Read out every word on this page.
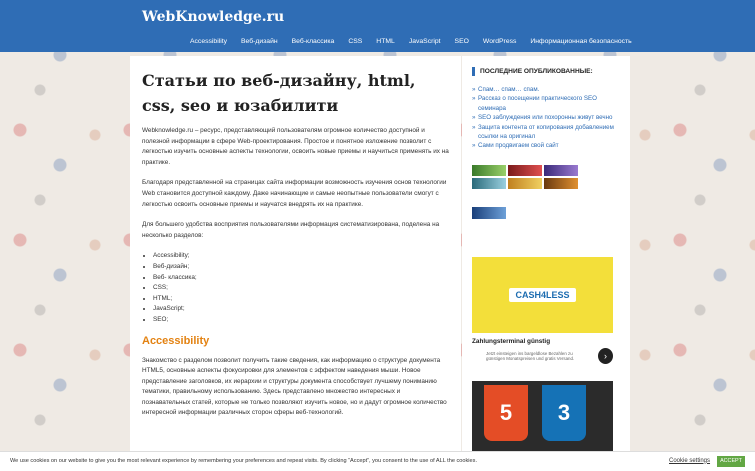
WebKnowledge.ru
Accessibility	Веб-дизайн	Веб-классика	CSS	HTML	JavaScript	SEO	WordPress	Информационная безопасность
Статьи по веб-дизайну, html, css, seo и юзабилити

Webknowledge.ru – ресурс, представляющий пользователям огромное количество доступной и полезной информации в сфере Web-проектирования. Простое и понятное изложение позволит с легкостью изучить основные аспекты технологии, освоить новые приемы и научиться применять их на практике.

Благодаря представленной на страницах сайта информации возможность изучения основ технологии Web становится доступной каждому. Даже начинающие и самые неопытные пользователи смогут с легкостью освоить основные приемы и научатся внедрять их на практике.

Для большего удобства восприятия пользователями информация систематизирована, поделена на несколько разделов:

• Accessibility;
• Веб-дизайн;
• Веб- классика;
• CSS;
• HTML;
• JavaScript;
• SEO;
Accessibility

Знакомство с разделом позволит получить такие сведения, как информацию о структуре документа HTML5, основные аспекты фокусировки для элементов с эффектом наведения мыши. Новое представление заголовков, их иерархии и структуры документа способствует лучшему пониманию тематики, правильному использованию. Здесь представлено множество интересных и познавательных статей, которые не только позволяют изучить новое, но и дадут огромное количество интересной информации различных сторон сферы веб-технологий.

ПОСЛЕДНИЕ ОПУБЛИКОВАННЫЕ:
» Спам… спам… спам.
» Рассказ о посещении практического SEO семинара
» SEO заблуждения или похоронны живут вечно
» Защита контента от копирования добавлением ссылки на оригинал
» Сами продвигаем свой сайт
CASH4LESS
Zahlungsterminal günstig
Jetzt einsteigen ins bargeldlose Bezahlen zu günstigen Monatspreisen und gratis Versand.	›
5	3
We use cookies on our website to give you the most relevant experience by remembering your preferences and repeat visits. By clicking “Accept”, you consent to the use of ALL the cookies.	Cookie settings	ACCEPT
